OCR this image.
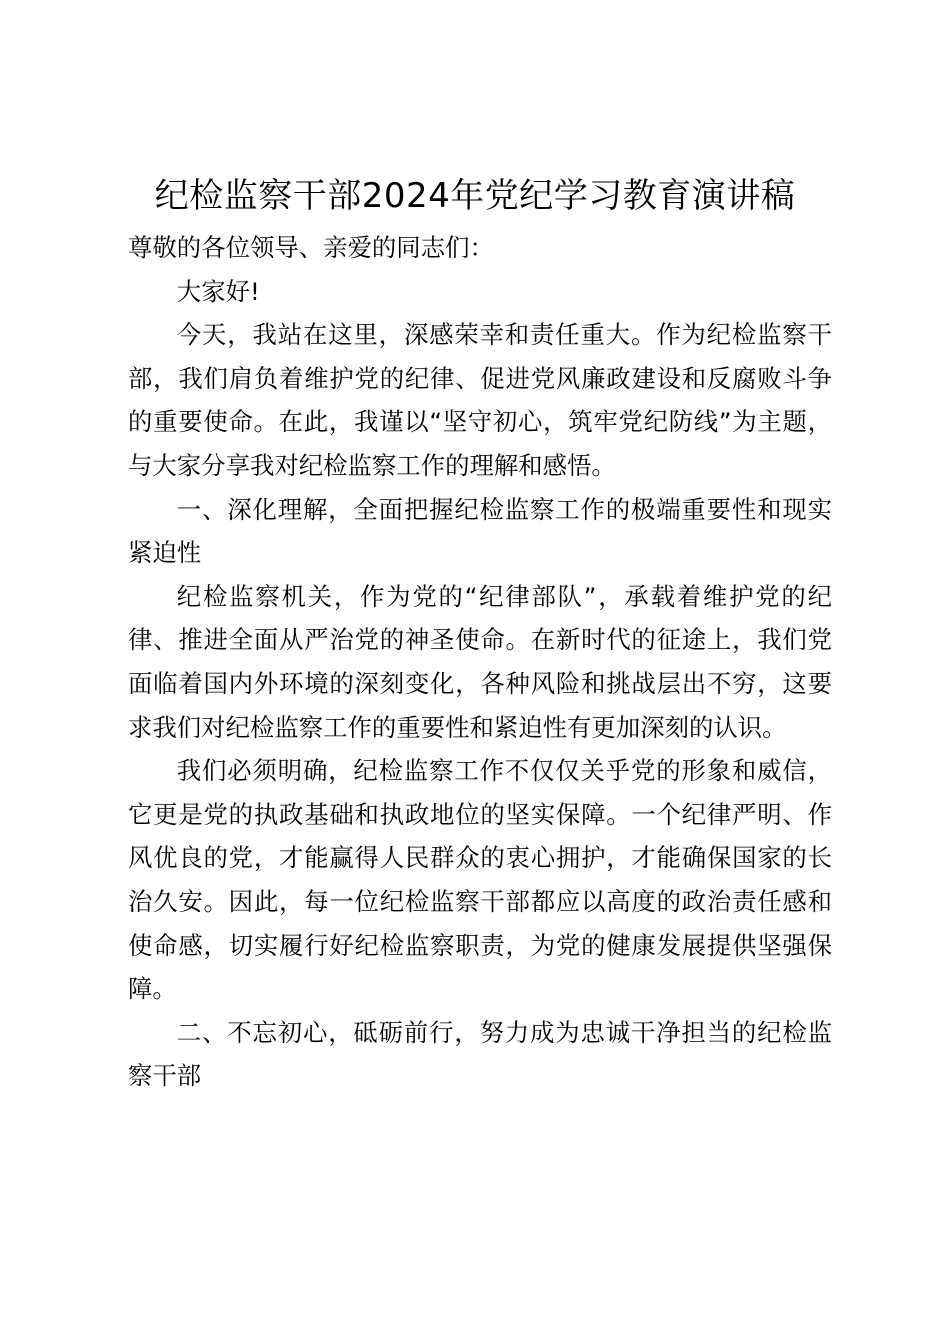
纪检监察干部2024年党纪学习教育演讲稿

尊敬的各位领导、亲爱的同志们：

大家好!

今天，我站在这里，深感荣幸和责任重大。作为纪检监察干部，我们肩负着维护党的纪律、促进党风廉政建设和反腐败斗争的重要使命。在此，我谨以“坚守初心，筑牢党纪防线”为主题，与大家分享我对纪检监察工作的理解和感悟。

一、深化理解，全面把握纪检监察工作的极端重要性和现实紧迫性

纪检监察机关，作为党的“纪律部队”，承载着维护党的纪律、推进全面从严治党的神圣使命。在新时代的征途上，我们党面临着国内外环境的深刻变化，各种风险和挑战层出不穷，这要求我们对纪检监察工作的重要性和紧迫性有更加深刻的认识。

我们必须明确，纪检监察工作不仅仅关乎党的形象和威信，它更是党的执政基础和执政地位的坚实保障。一个纪律严明、作风优良的党，才能赢得人民群众的衷心拥护，才能确保国家的长治久安。因此，每一位纪检监察干部都应以高度的政治责任感和使命感，切实履行好纪检监察职责，为党的健康发展提供坚强保障。

二、不忘初心，砥砺前行，努力成为忠诚干净担当的纪检监察干部
